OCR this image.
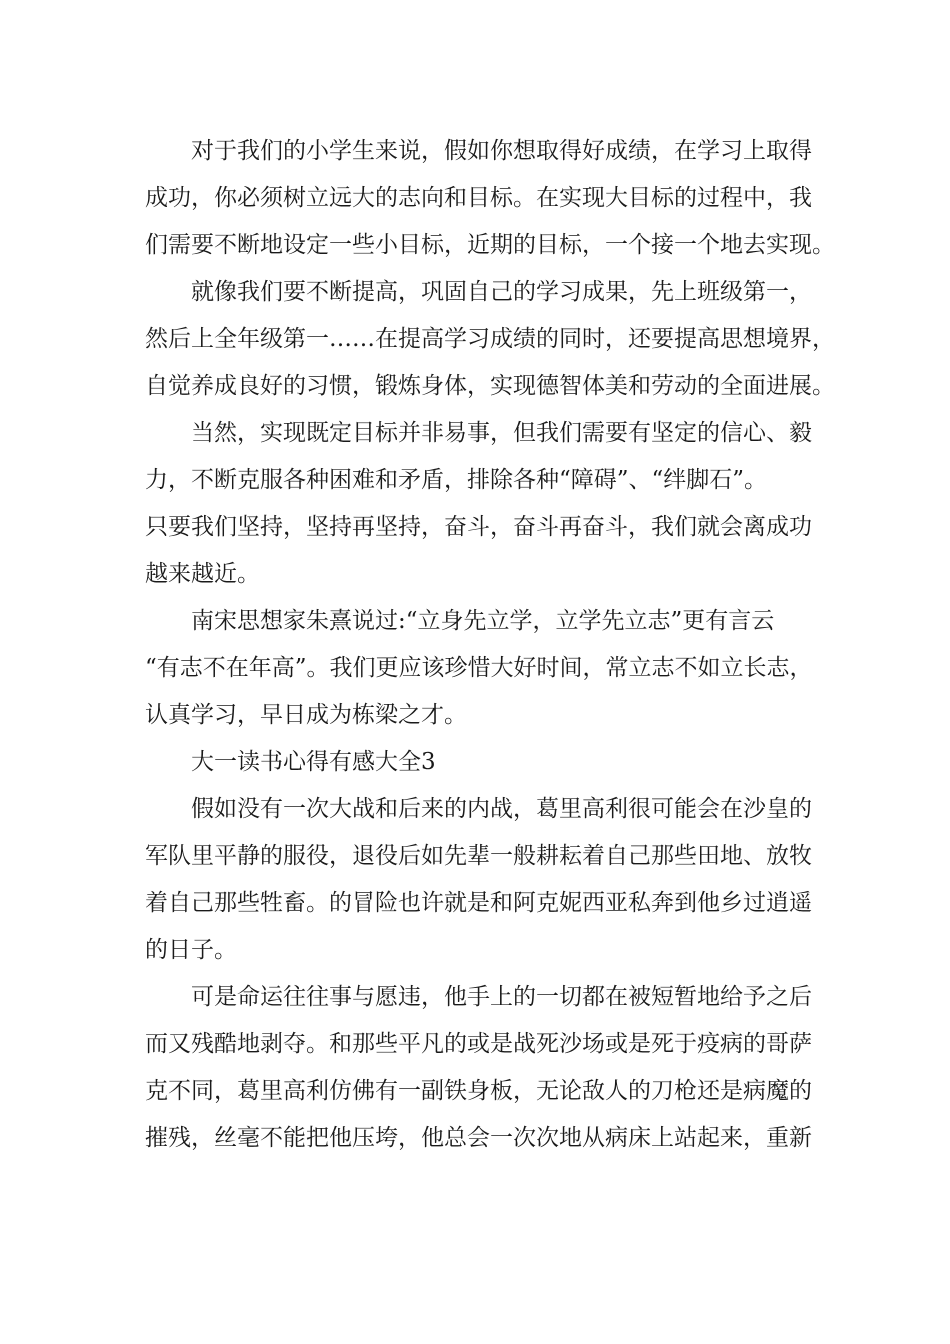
对于我们的小学生来说，假如你想取得好成绩，在学习上取得
成功，你必须树立远大的志向和目标。在实现大目标的过程中，我
们需要不断地设定一些小目标，近期的目标，一个接一个地去实现。
就像我们要不断提高，巩固自己的学习成果，先上班级第一，
然后上全年级第一……在提高学习成绩的同时，还要提高思想境界，
自觉养成良好的习惯，锻炼身体，实现德智体美和劳动的全面进展。
当然，实现既定目标并非易事，但我们需要有坚定的信心、毅
力，不断克服各种困难和矛盾，排除各种“障碍”、“绊脚石”。
只要我们坚持，坚持再坚持，奋斗，奋斗再奋斗，我们就会离成功
越来越近。
南宋思想家朱熹说过:“立身先立学，立学先立志”更有言云
“有志不在年高”。我们更应该珍惜大好时间，常立志不如立长志，
认真学习，早日成为栋梁之才。
大一读书心得有感大全3
假如没有一次大战和后来的内战，葛里高利很可能会在沙皇的
军队里平静的服役，退役后如先辈一般耕耘着自己那些田地、放牧
着自己那些牲畜。的冒险也许就是和阿克妮西亚私奔到他乡过逍遥
的日子。
可是命运往往事与愿违，他手上的一切都在被短暂地给予之后
而又残酷地剥夺。和那些平凡的或是战死沙场或是死于疫病的哥萨
克不同，葛里高利仿佛有一副铁身板，无论敌人的刀枪还是病魔的
摧残，丝毫不能把他压垮，他总会一次次地从病床上站起来，重新
